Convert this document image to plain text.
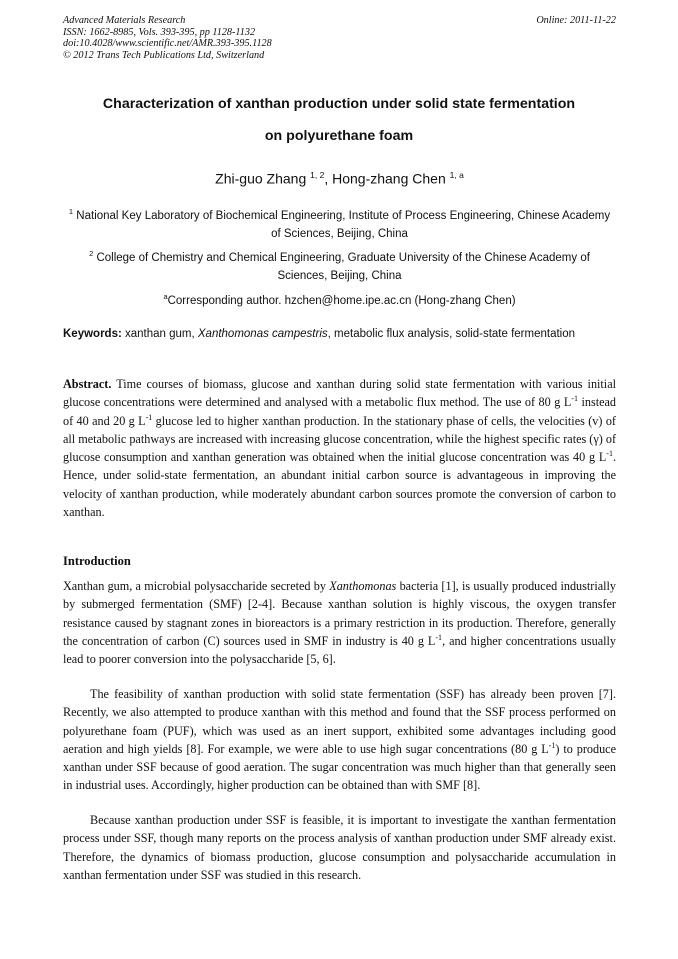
Advanced Materials Research
ISSN: 1662-8985, Vols. 393-395, pp 1128-1132
doi:10.4028/www.scientific.net/AMR.393-395.1128
© 2012 Trans Tech Publications Ltd, Switzerland
Online: 2011-11-22
Characterization of xanthan production under solid state fermentation
on polyurethane foam
Zhi-guo Zhang $^{1, 2}$, Hong-zhang Chen $^{1, a}$
$^1$ National Key Laboratory of Biochemical Engineering, Institute of Process Engineering, Chinese Academy of Sciences, Beijing, China
$^2$ College of Chemistry and Chemical Engineering, Graduate University of the Chinese Academy of Sciences, Beijing, China
$^a$Corresponding author. hzchen@home.ipe.ac.cn (Hong-zhang Chen)
Keywords: xanthan gum, Xanthomonas campestris, metabolic flux analysis, solid-state fermentation
Abstract. Time courses of biomass, glucose and xanthan during solid state fermentation with various initial glucose concentrations were determined and analysed with a metabolic flux method. The use of 80 g $L^{-1}$ instead of 40 and 20 g $L^{-1}$ glucose led to higher xanthan production. In the stationary phase of cells, the velocities (v) of all metabolic pathways are increased with increasing glucose concentration, while the highest specific rates (γ) of glucose consumption and xanthan generation was obtained when the initial glucose concentration was 40 g $L^{-1}$. Hence, under solid-state fermentation, an abundant initial carbon source is advantageous in improving the velocity of xanthan production, while moderately abundant carbon sources promote the conversion of carbon to xanthan.
Introduction
Xanthan gum, a microbial polysaccharide secreted by Xanthomonas bacteria [1], is usually produced industrially by submerged fermentation (SMF) [2-4]. Because xanthan solution is highly viscous, the oxygen transfer resistance caused by stagnant zones in bioreactors is a primary restriction in its production. Therefore, generally the concentration of carbon (C) sources used in SMF in industry is 40 g $L^{-1}$, and higher concentrations usually lead to poorer conversion into the polysaccharide [5, 6].
The feasibility of xanthan production with solid state fermentation (SSF) has already been proven [7]. Recently, we also attempted to produce xanthan with this method and found that the SSF process performed on polyurethane foam (PUF), which was used as an inert support, exhibited some advantages including good aeration and high yields [8]. For example, we were able to use high sugar concentrations (80 g $L^{-1}$) to produce xanthan under SSF because of good aeration. The sugar concentration was much higher than that generally seen in industrial uses. Accordingly, higher production can be obtained than with SMF [8].
Because xanthan production under SSF is feasible, it is important to investigate the xanthan fermentation process under SSF, though many reports on the process analysis of xanthan production under SMF already exist. Therefore, the dynamics of biomass production, glucose consumption and polysaccharide accumulation in xanthan fermentation under SSF was studied in this research.
